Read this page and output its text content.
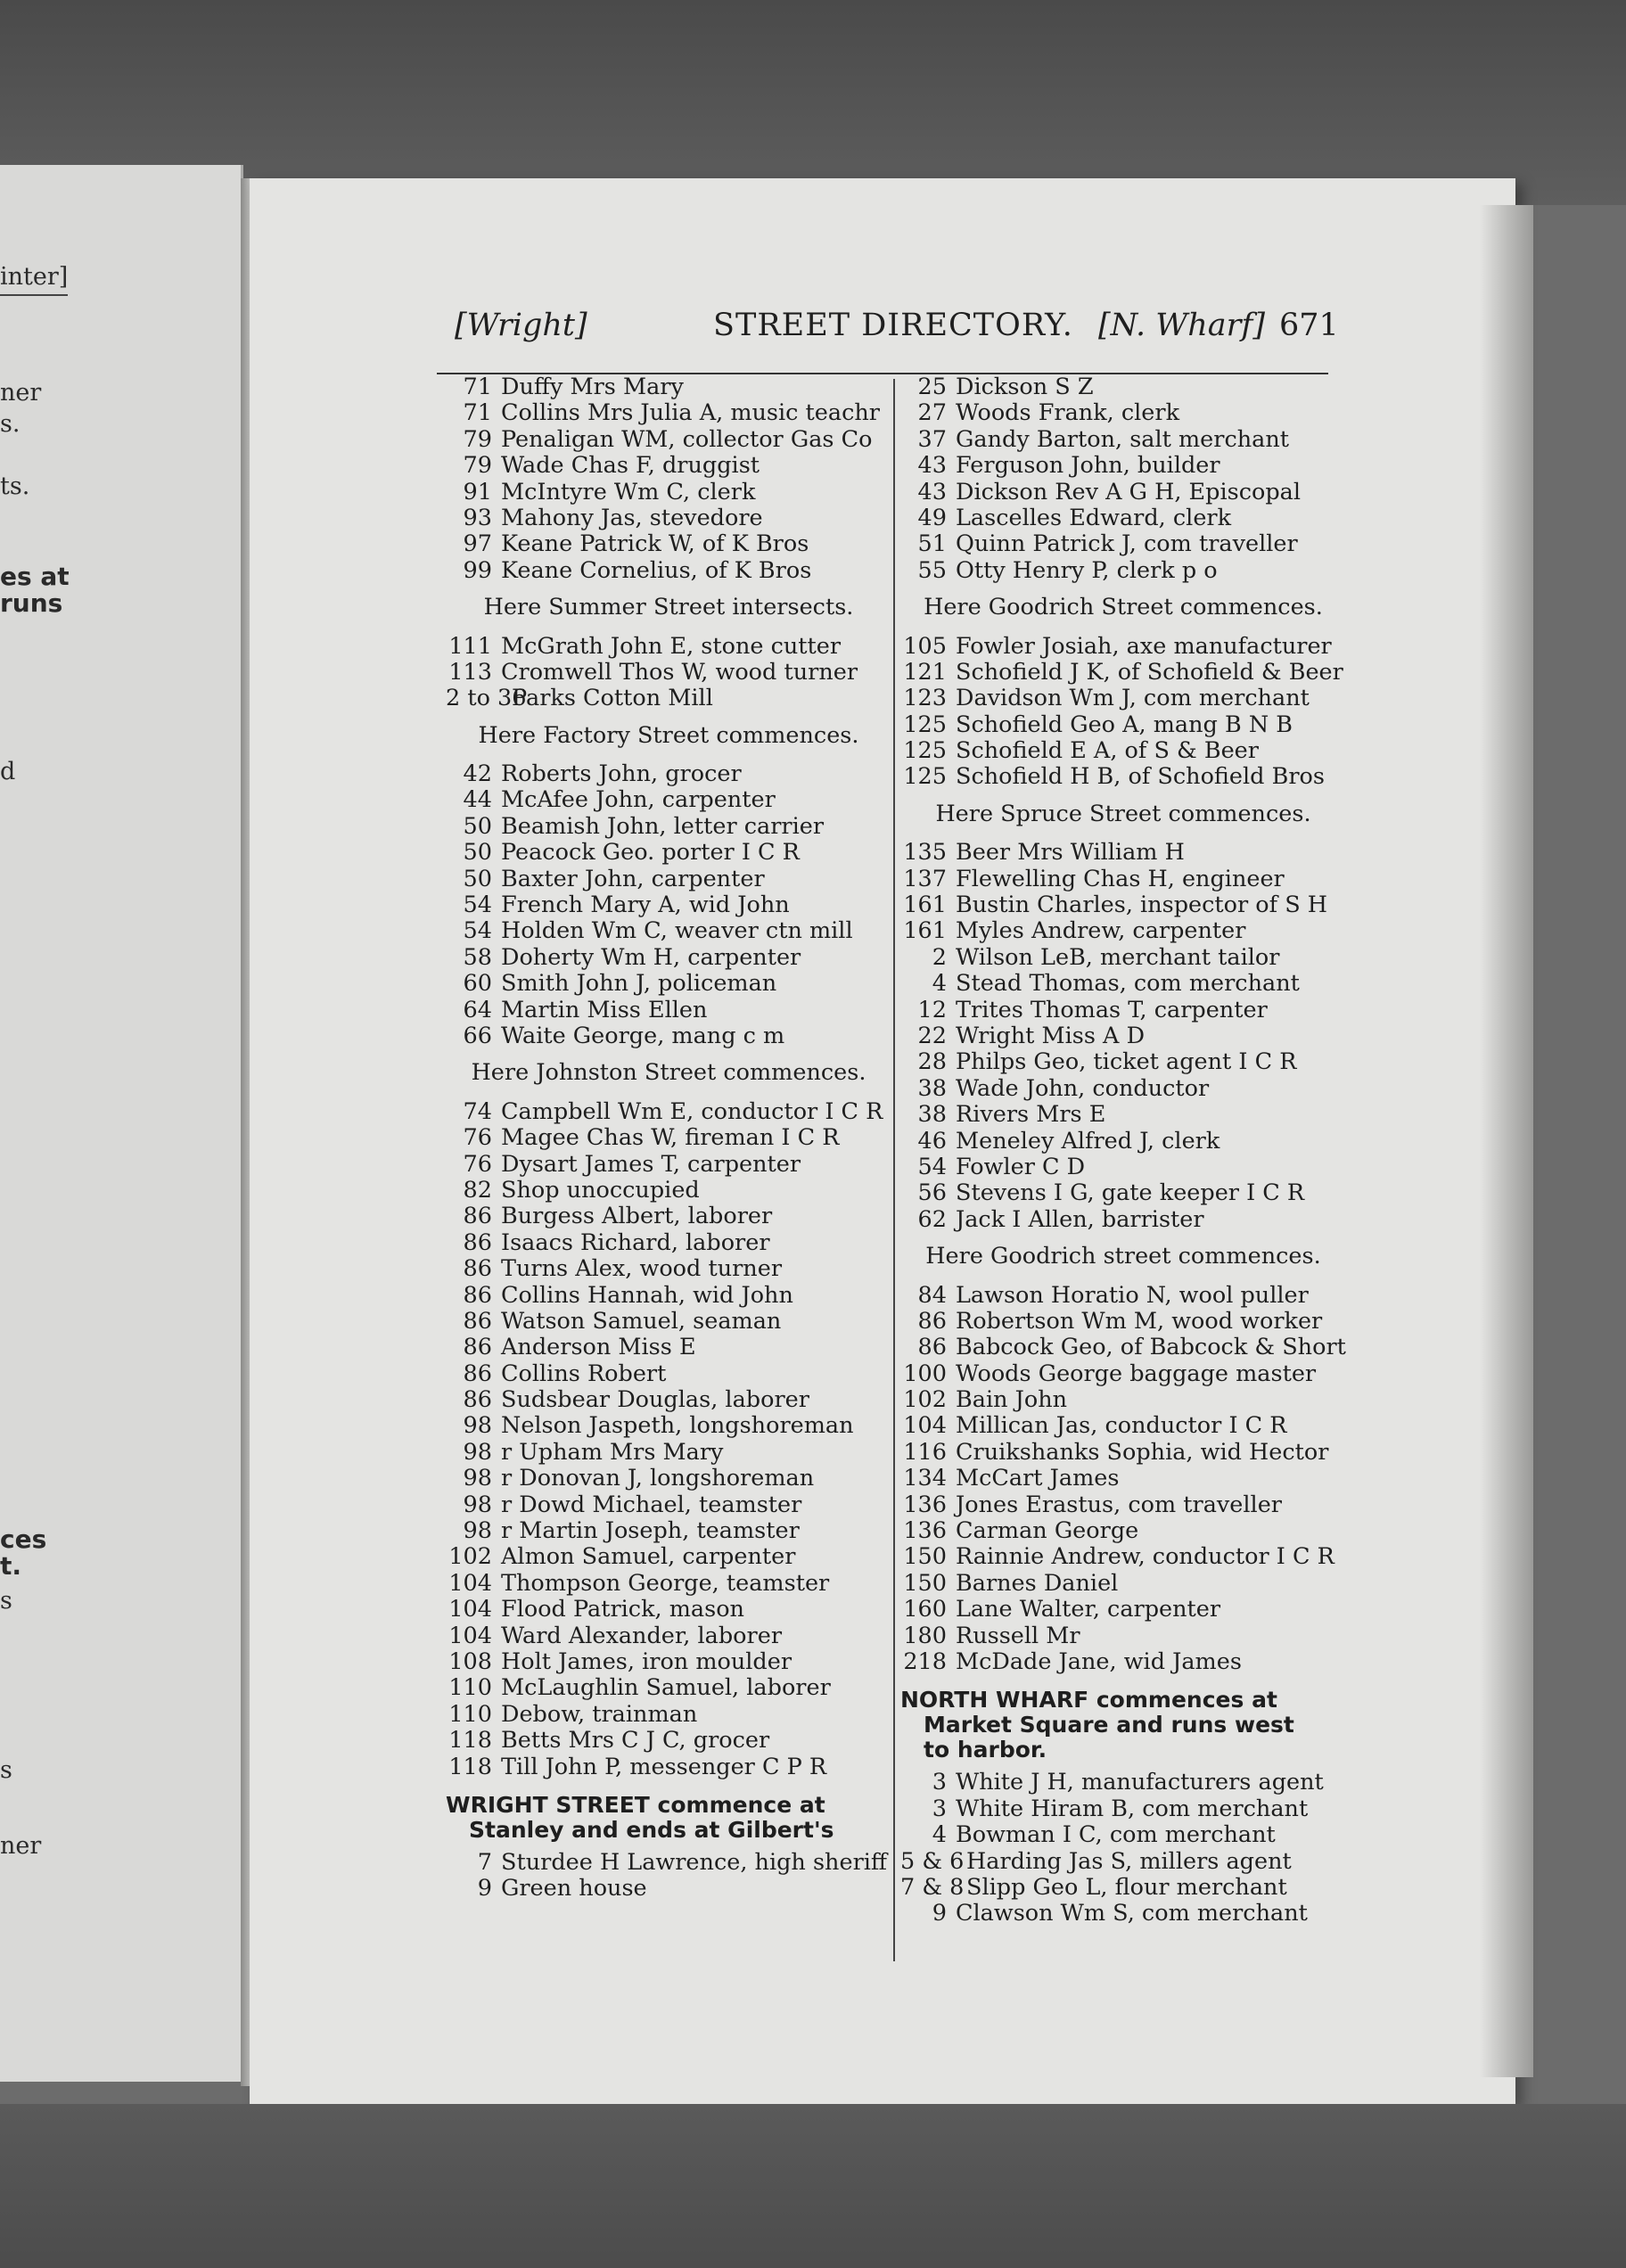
inter]
ner
s.
ts.
es at
runs
d
ces
t.
s
s
ner
[Wright]	STREET DIRECTORY. [N. Wharf] 671
71 Duffy Mrs Mary
71 Collins Mrs Julia A, music teachr
79 Penaligan WM, collector Gas Co
79 Wade Chas F, druggist
91 McIntyre Wm C, clerk
93 Mahony Jas, stevedore
97 Keane Patrick W, of K Bros
99 Keane Cornelius, of K Bros
Here Summer Street intersects.
111 McGrath John E, stone cutter
113 Cromwell Thos W, wood turner
2 to 36Parks Cotton Mill
Here Factory Street commences.
42 Roberts John, grocer
44 McAfee John, carpenter
50 Beamish John, letter carrier
50 Peacock Geo. porter I C R
50 Baxter John, carpenter
54 French Mary A, wid John
54 Holden Wm C, weaver ctn mill
58 Doherty Wm H, carpenter
60 Smith John J, policeman
64 Martin Miss Ellen
66 Waite George, mang c m
Here Johnston Street commences.
74 Campbell Wm E, conductor I C R
76 Magee Chas W, fireman I C R
76 Dysart James T, carpenter
82 Shop unoccupied
86 Burgess Albert, laborer
86 Isaacs Richard, laborer
86 Turns Alex, wood turner
86 Collins Hannah, wid John
86 Watson Samuel, seaman
86 Anderson Miss E
86 Collins Robert
86 Sudsbear Douglas, laborer
98 Nelson Jaspeth, longshoreman
98 r Upham Mrs Mary
98 r Donovan J, longshoreman
98 r Dowd Michael, teamster
98 r Martin Joseph, teamster
102 Almon Samuel, carpenter
104 Thompson George, teamster
104 Flood Patrick, mason
104 Ward Alexander, laborer
108 Holt James, iron moulder
110 McLaughlin Samuel, laborer
110 Debow, trainman
118 Betts Mrs C J C, grocer
118 Till John P, messenger C P R
WRIGHT STREET commence at
Stanley and ends at Gilbert's
7 Sturdee H Lawrence, high sheriff
9 Green house
25 Dickson S Z
27 Woods Frank, clerk
37 Gandy Barton, salt merchant
43 Ferguson John, builder
43 Dickson Rev A G H, Episcopal
49 Lascelles Edward, clerk
51 Quinn Patrick J, com traveller
55 Otty Henry P, clerk p o
Here Goodrich Street commences.
105 Fowler Josiah, axe manufacturer
121 Schofield J K, of Schofield & Beer
123 Davidson Wm J, com merchant
125 Schofield Geo A, mang B N B
125 Schofield E A, of S & Beer
125 Schofield H B, of Schofield Bros
Here Spruce Street commences.
135 Beer Mrs William H
137 Flewelling Chas H, engineer
161 Bustin Charles, inspector of S H
161 Myles Andrew, carpenter
2 Wilson LeB, merchant tailor
4 Stead Thomas, com merchant
12 Trites Thomas T, carpenter
22 Wright Miss A D
28 Philps Geo, ticket agent I C R
38 Wade John, conductor
38 Rivers Mrs E
46 Meneley Alfred J, clerk
54 Fowler C D
56 Stevens I G, gate keeper I C R
62 Jack I Allen, barrister
Here Goodrich street commences.
84 Lawson Horatio N, wool puller
86 Robertson Wm M, wood worker
86 Babcock Geo, of Babcock & Short
100 Woods George baggage master
102 Bain John
104 Millican Jas, conductor I C R
116 Cruikshanks Sophia, wid Hector
134 McCart James
136 Jones Erastus, com traveller
136 Carman George
150 Rainnie Andrew, conductor I C R
150 Barnes Daniel
160 Lane Walter, carpenter
180 Russell Mr
218 McDade Jane, wid James
NORTH WHARF commences at
Market Square and runs west
to harbor.
3 White J H, manufacturers agent
3 White Hiram B, com merchant
4 Bowman I C, com merchant
5 & 6 Harding Jas S, millers agent
7 & 8 Slipp Geo L, flour merchant
9 Clawson Wm S, com merchant
